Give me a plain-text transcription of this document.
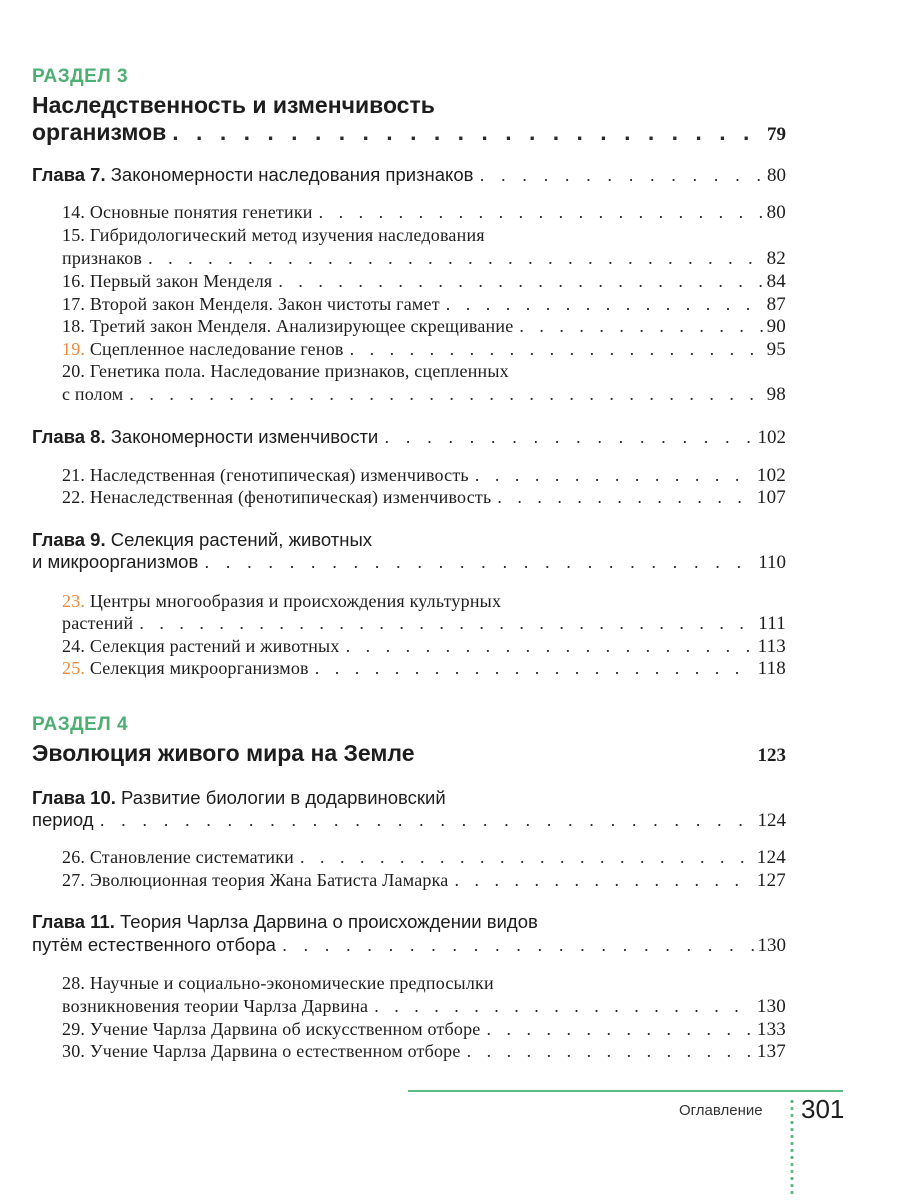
РАЗДЕЛ 3
Наследственность и изменчивость
организмов . . .	79
Глава 7. Закономерности наследования признаков . . .	80
14. Основные понятия генетики . . .	80
15. Гибридологический метод изучения наследования
признаков . . .	82
16. Первый закон Менделя . . .	84
17. Второй закон Менделя. Закон чистоты гамет . . .	87
18. Третий закон Менделя. Анализирующее скрещивание . . .	90
19. Сцепленное наследование генов . . .	95
20. Генетика пола. Наследование признаков, сцепленных
с полом . . .	98
Глава 8. Закономерности изменчивости . . .	102
21. Наследственная (генотипическая) изменчивость . . .	102
22. Ненаследственная (фенотипическая) изменчивость . . .	107
Глава 9. Селекция растений, животных
и микроорганизмов . . .	110
23. Центры многообразия и происхождения культурных
растений . . .	111
24. Селекция растений и животных . . .	113
25. Селекция микроорганизмов . . .	118
РАЗДЕЛ 4
Эволюция живого мира на Земле	123
Глава 10. Развитие биологии в додарвиновский
период . . .	124
26. Становление систематики . . .	124
27. Эволюционная теория Жана Батиста Ламарка . . .	127
Глава 11. Теория Чарлза Дарвина о происхождении видов
путём естественного отбора . . .	130
28. Научные и социально-экономические предпосылки
возникновения теории Чарлза Дарвина . . .	130
29. Учение Чарлза Дарвина об искусственном отборе . . .	133
30. Учение Чарлза Дарвина о естественном отборе . . .	137
Оглавление 301
